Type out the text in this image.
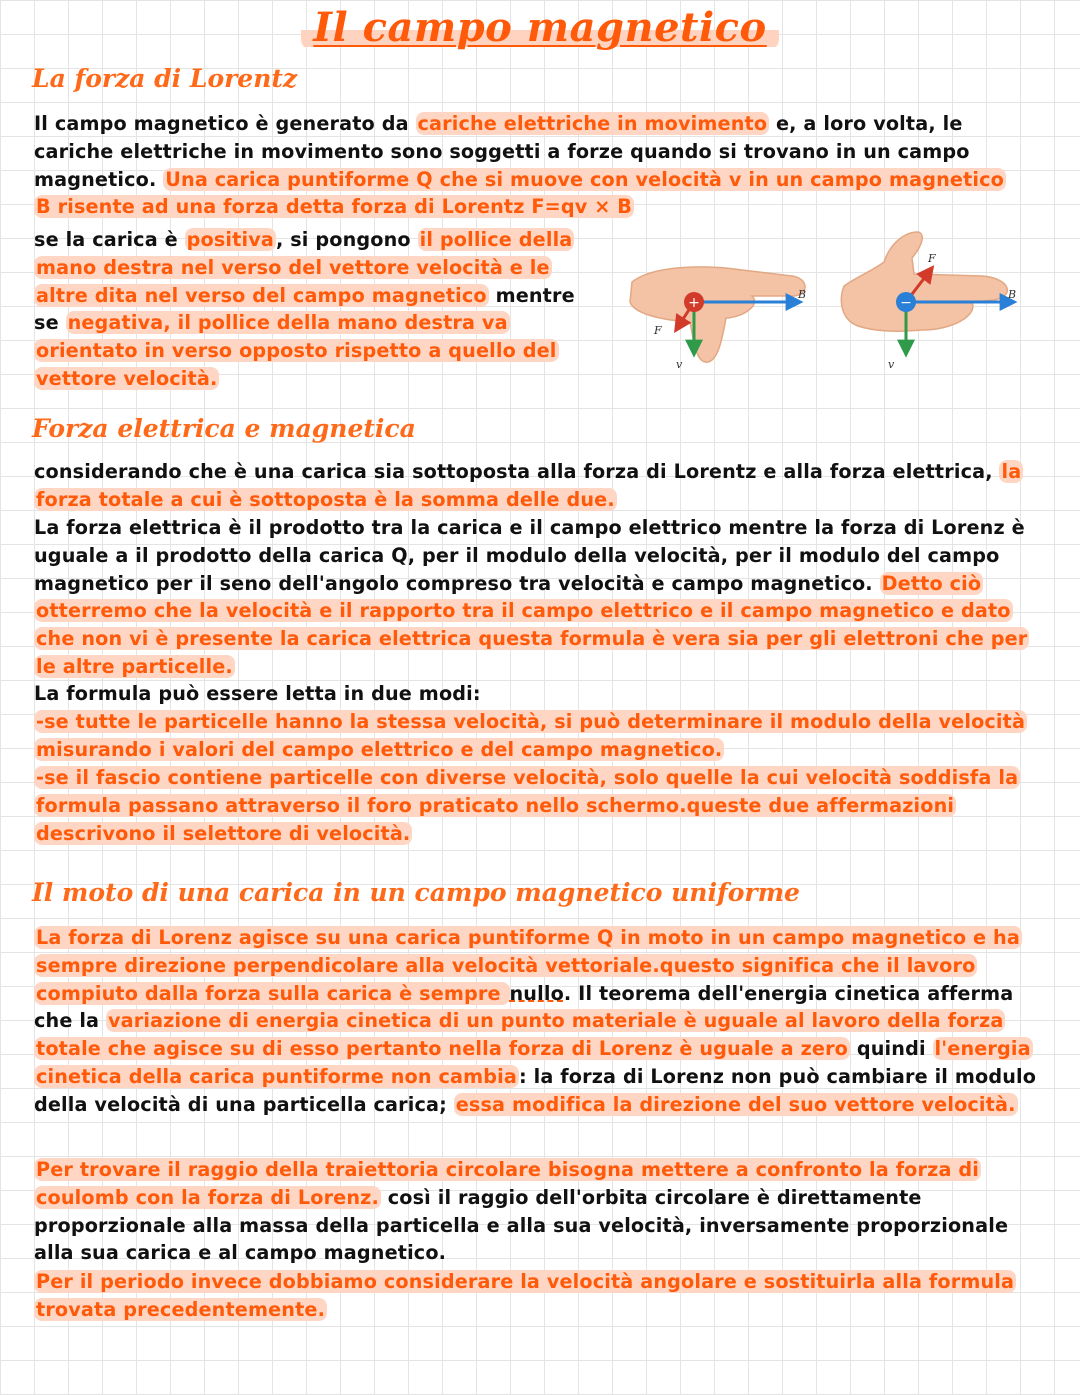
Il campo magnetico
La forza di Lorentz
Il campo magnetico è generato da cariche elettriche in movimento e, a loro volta, le cariche elettriche in movimento sono soggetti a forze quando si trovano in un campo magnetico. Una carica puntiforme Q che si muove con velocità v in un campo magnetico B risente ad una forza detta forza di Lorentz F=qv × B
se la carica è positiva , si pongono il pollice della mano destra nel verso del vettore velocità e le altre dita nel verso del campo magnetico mentre se negativa, il pollice della mano destra va orientato in verso opposto rispetto a quello del vettore velocità.
+
B
F
v
−
B
F
v
Forza elettrica e magnetica
considerando che è una carica sia sottoposta alla forza di Lorentz e alla forza elettrica, la forza totale a cui è sottoposta è la somma delle due.
La forza elettrica è il prodotto tra la carica e il campo elettrico mentre la forza di Lorenz è uguale a il prodotto della carica Q, per il modulo della velocità, per il modulo del campo magnetico per il seno dell'angolo compreso tra velocità e campo magnetico. Detto ciò otterremo che la velocità e il rapporto tra il campo elettrico e il campo magnetico e dato che non vi è presente la carica elettrica questa formula è vera sia per gli elettroni che per le altre particelle.
La formula può essere letta in due modi:
-se tutte le particelle hanno la stessa velocità, si può determinare il modulo della velocità misurando i valori del campo elettrico e del campo magnetico.
-se il fascio contiene particelle con diverse velocità, solo quelle la cui velocità soddisfa la formula passano attraverso il foro praticato nello schermo.queste due affermazioni descrivono il selettore di velocità.
Il moto di una carica in un campo magnetico uniforme
La forza di Lorenz agisce su una carica puntiforme Q in moto in un campo magnetico e ha sempre direzione perpendicolare alla velocità vettoriale.questo significa che il lavoro compiuto dalla forza sulla carica è sempre nullo. Il teorema dell'energia cinetica afferma che la variazione di energia cinetica di un punto materiale è uguale al lavoro della forza totale che agisce su di esso pertanto nella forza di Lorenz è uguale a zero quindi l'energia cinetica della carica puntiforme non cambia : la forza di Lorenz non può cambiare il modulo della velocità di una particella carica; essa modifica la direzione del suo vettore velocità.
Per trovare il raggio della traiettoria circolare bisogna mettere a confronto la forza di coulomb con la forza di Lorenz. così il raggio dell'orbita circolare è direttamente proporzionale alla massa della particella e alla sua velocità, inversamente proporzionale alla sua carica e al campo magnetico.
Per il periodo invece dobbiamo considerare la velocità angolare e sostituirla alla formula trovata precedentemente.
